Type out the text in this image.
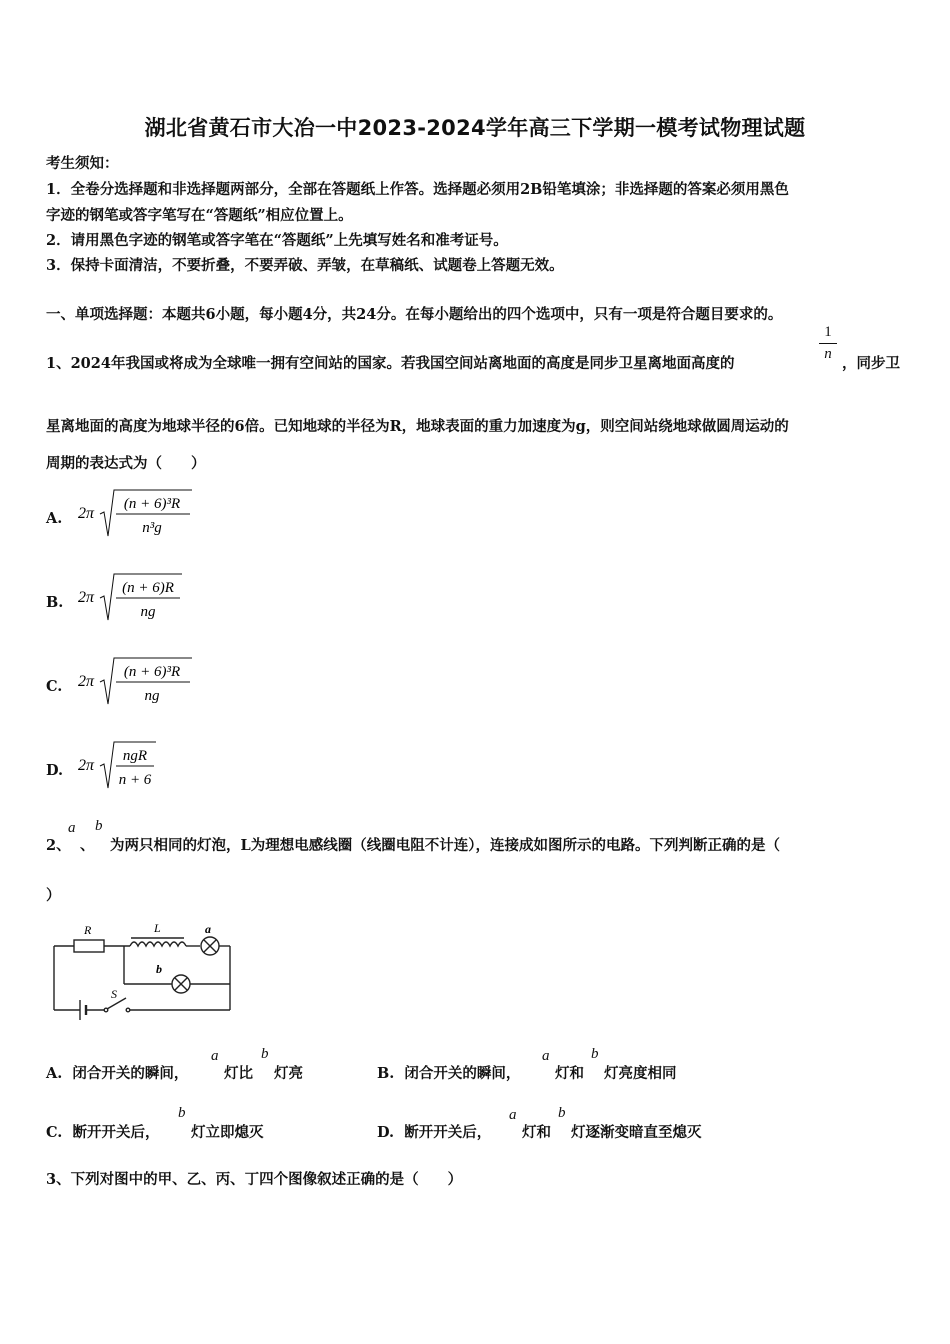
湖北省黄石市大冶一中2023-2024学年高三下学期一模考试物理试题
考生须知：
1．全卷分选择题和非选择题两部分，全部在答题纸上作答。选择题必须用2B铅笔填涂；非选择题的答案必须用黑色
字迹的钢笔或答字笔写在“答题纸”相应位置上。
2．请用黑色字迹的钢笔或答字笔在“答题纸”上先填写姓名和准考证号。
3．保持卡面清洁，不要折叠，不要弄破、弄皱，在草稿纸、试题卷上答题无效。
一、单项选择题：本题共6小题，每小题4分，共24分。在每小题给出的四个选项中，只有一项是符合题目要求的。
1、2024年我国或将成为全球唯一拥有空间站的国家。若我国空间站离地面的高度是同步卫星离地面高度的
1
n
，同步卫
星离地面的高度为地球半径的6倍。已知地球的半径为R，地球表面的重力加速度为g，则空间站绕地球做圆周运动的
周期的表达式为（　　）
A. 2π
(n + 6)³R
n³g
B. 2π
(n + 6)R
ng
C. 2π
(n + 6)³R
ng
D. 2π
ngR
n + 6
2、
a
、
b
为两只相同的灯泡，L为理想电感线圈（线圈电阻不计连），连接成如图所示的电路。下列判断正确的是（
）
R	L	a
b
S
A. 闭合开关的瞬间，
a
灯比
b
灯亮	B. 闭合开关的瞬间，
a
灯和
b
灯亮度相同
C. 断开开关后，
b
灯立即熄灭	D. 断开开关后，
a
灯和
b
灯逐渐变暗直至熄灭
3、下列对图中的甲、乙、丙、丁四个图像叙述正确的是（　　）
